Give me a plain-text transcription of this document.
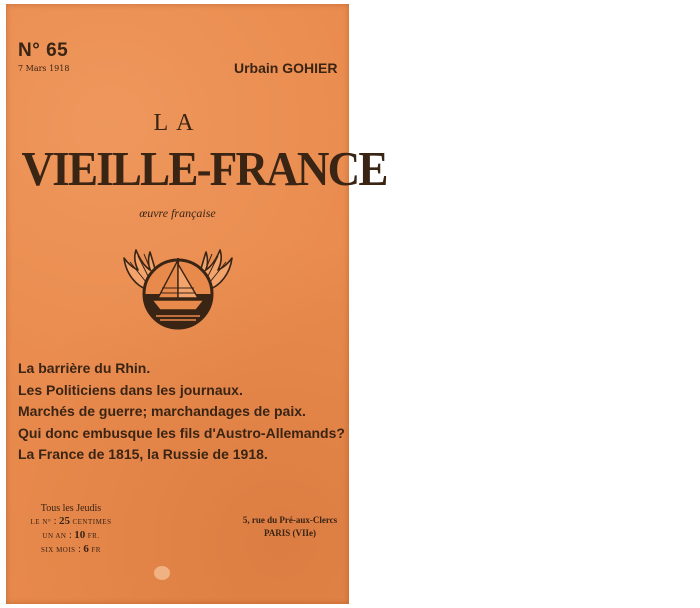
N° 65
7 Mars 1918	Urbain GOHIER
LA
VIEILLE-FRANCE
œuvre française
La barrière du Rhin.
Les Politiciens dans les journaux.
Marchés de guerre; marchandages de paix.
Qui donc embusque les fils d'Austro-Allemands?
La France de 1815, la Russie de 1918.
Tous les Jeudis
LE N° : 25 CENTIMES
UN AN : 10 FR.
SIX MOIS : 6 FR
5, rue du Pré-aux-Clercs
PARIS (VIIe)
